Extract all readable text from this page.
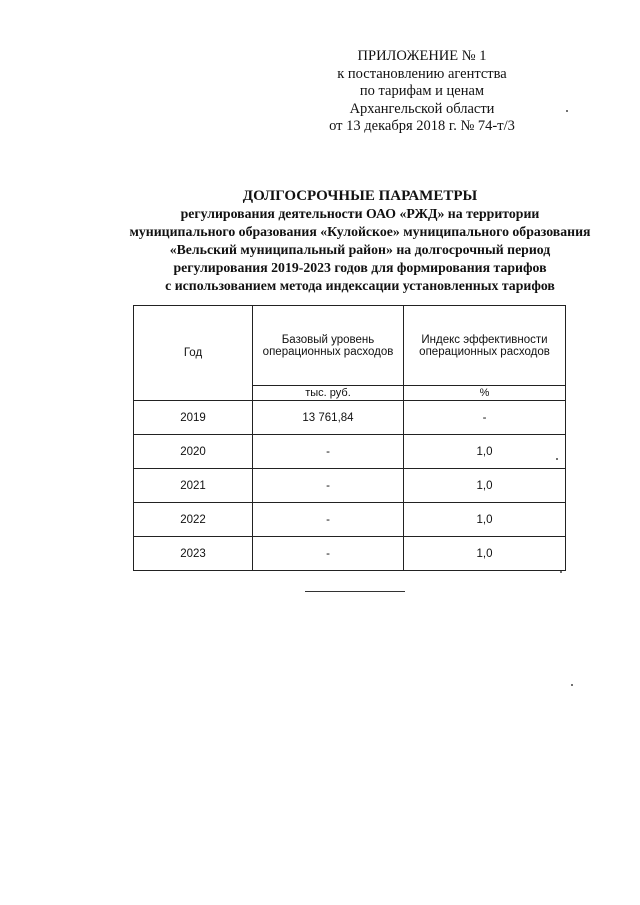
ПРИЛОЖЕНИЕ № 1
к постановлению агентства
по тарифам и ценам
Архангельской области
от 13 декабря 2018 г. № 74-т/3
ДОЛГОСРОЧНЫЕ ПАРАМЕТРЫ
регулирования деятельности ОАО «РЖД» на территории
муниципального образования «Кулойское» муниципального образования
«Вельский муниципальный район» на долгосрочный период
регулирования 2019-2023 годов для формирования тарифов
с использованием метода индексации установленных тарифов
Год	Базовый уровень операционных расходов	Индекс эффективности операционных расходов
	тыс. руб.	%
2019	13 761,84	-
2020	-	1,0
2021	-	1,0
2022	-	1,0
2023	-	1,0
